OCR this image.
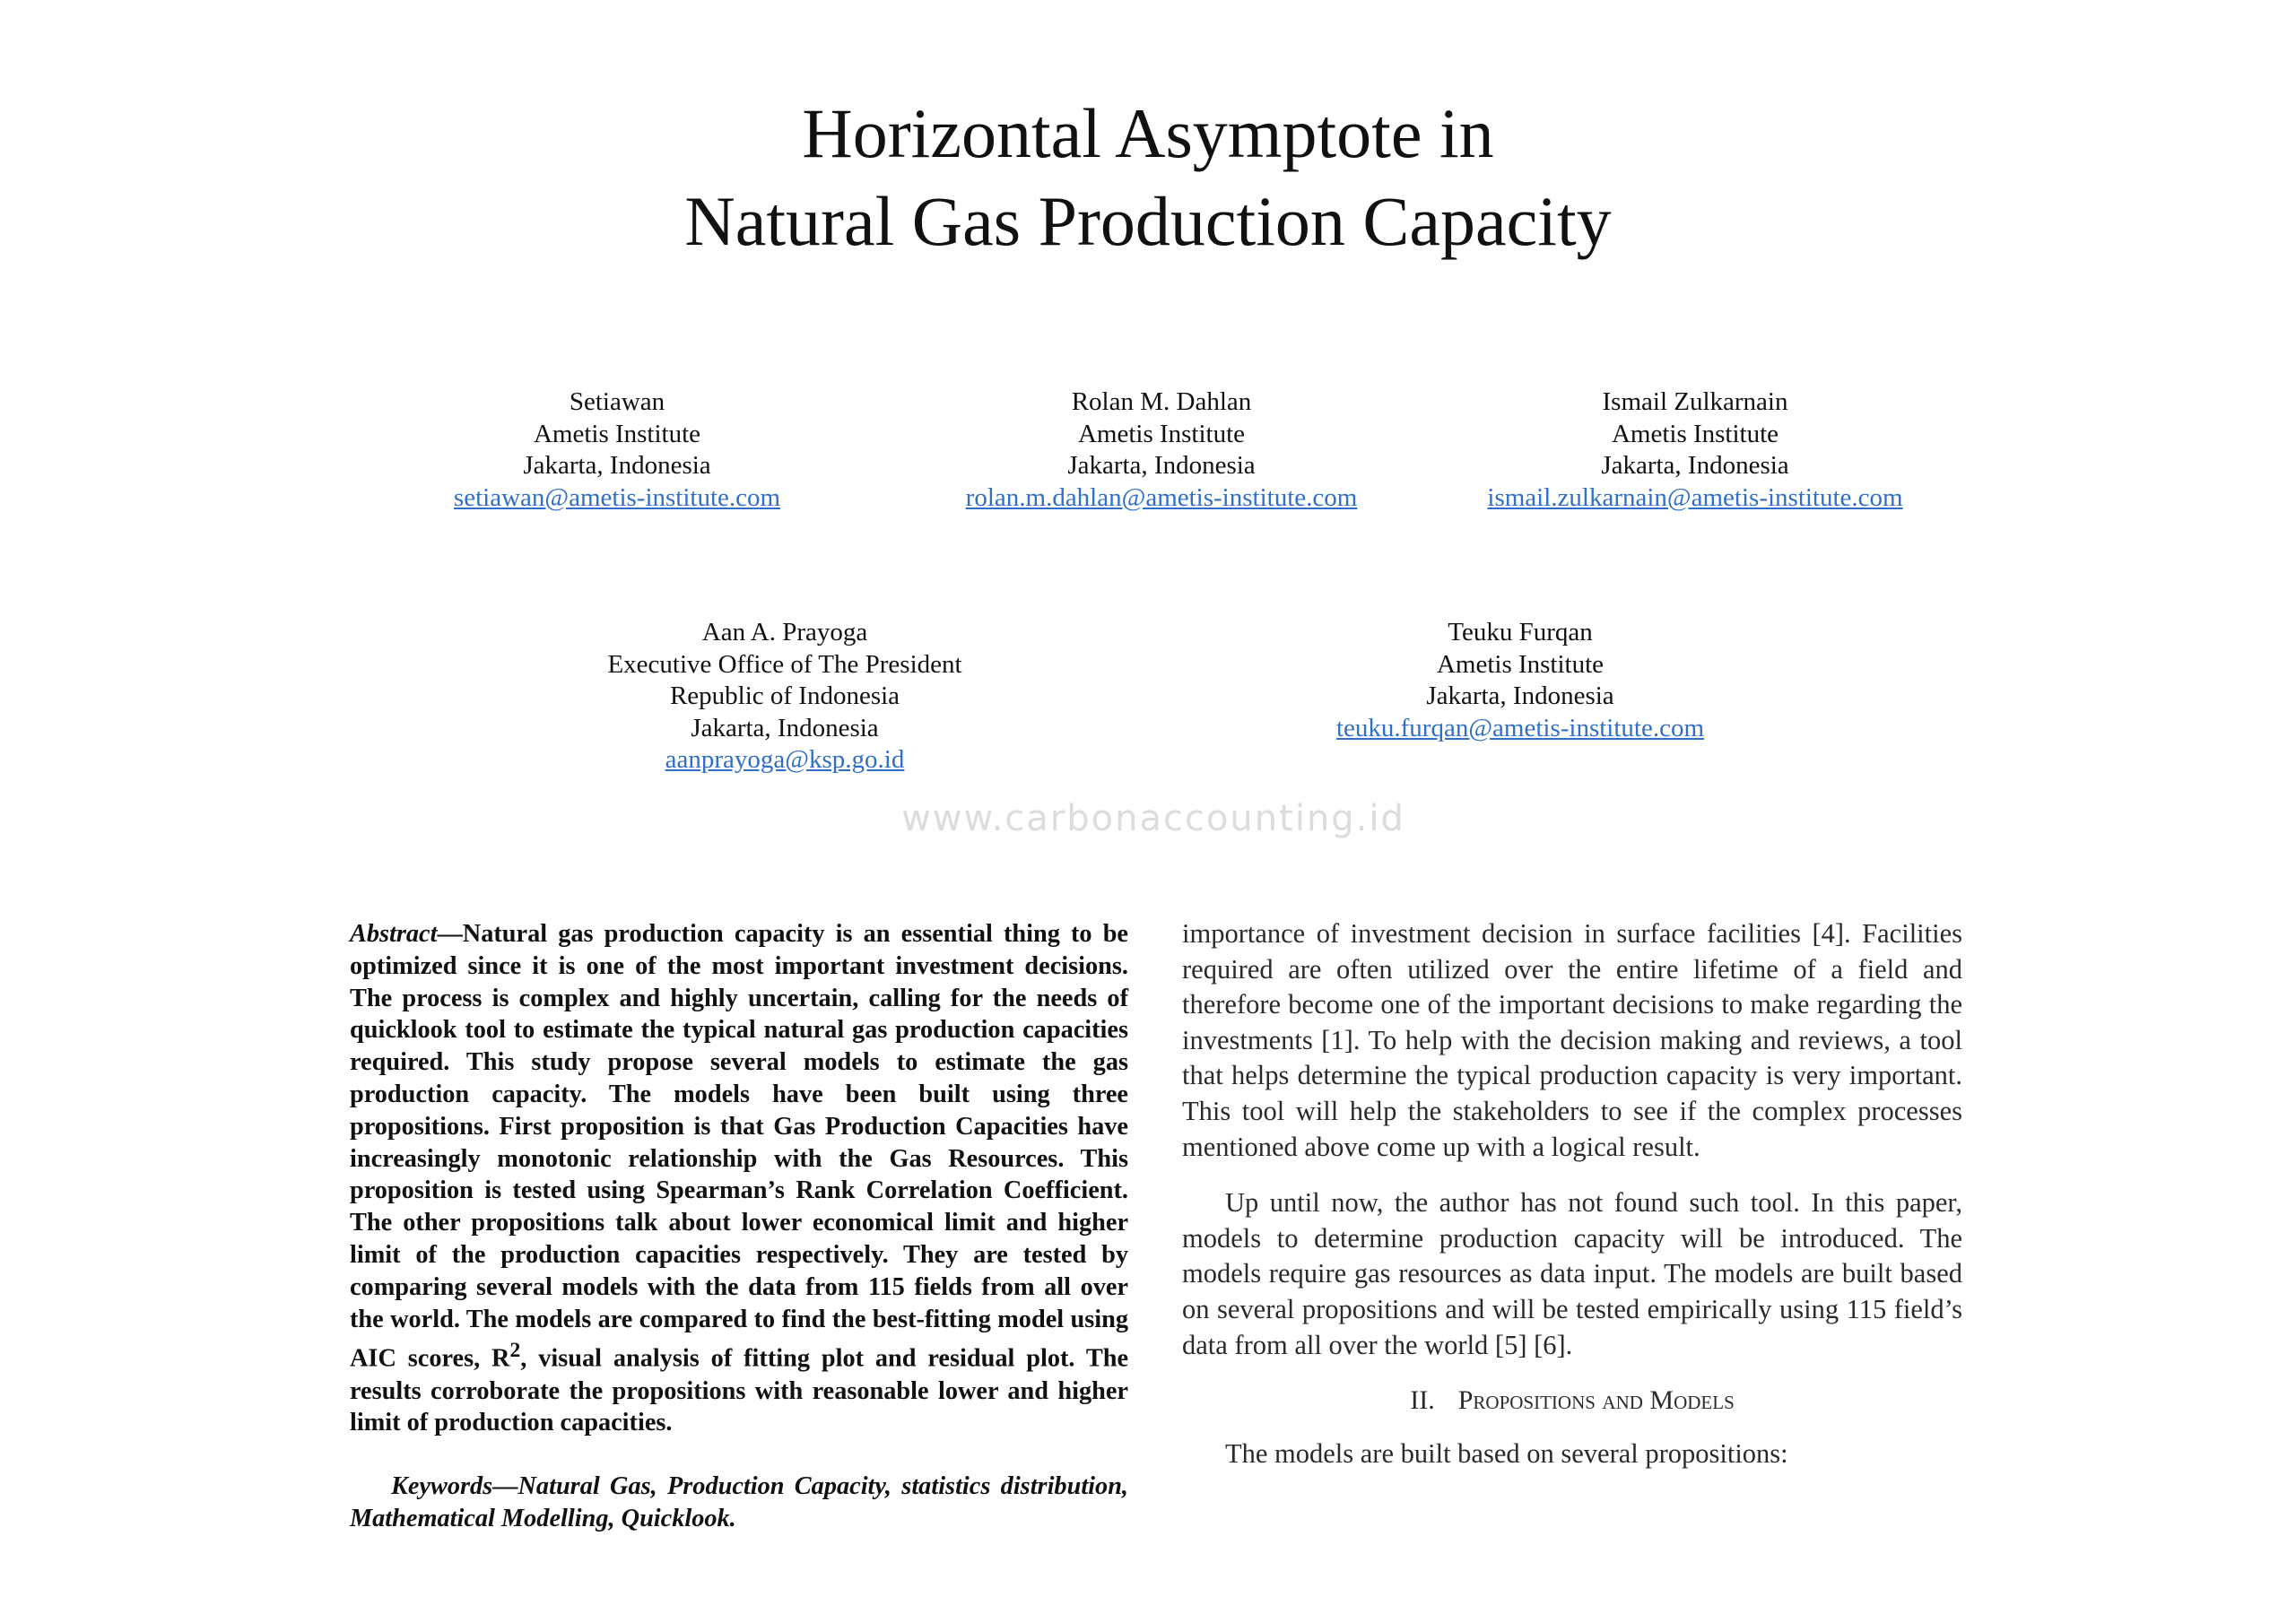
Horizontal Asymptote in
Natural Gas Production Capacity
Setiawan
Ametis Institute
Jakarta, Indonesia
setiawan@ametis-institute.com
Rolan M. Dahlan
Ametis Institute
Jakarta, Indonesia
rolan.m.dahlan@ametis-institute.com
Ismail Zulkarnain
Ametis Institute
Jakarta, Indonesia
ismail.zulkarnain@ametis-institute.com
Aan A. Prayoga
Executive Office of The President
Republic of Indonesia
Jakarta, Indonesia
aanprayoga@ksp.go.id
Teuku Furqan
Ametis Institute
Jakarta, Indonesia
teuku.furqan@ametis-institute.com
www.carbonaccounting.id

Abstract—Natural gas production capacity is an essential thing to be optimized since it is one of the most important investment decisions. The process is complex and highly uncertain, calling for the needs of quicklook tool to estimate the typical natural gas production capacities required. This study propose several models to estimate the gas production capacity. The models have been built using three propositions. First proposition is that Gas Production Capacities have increasingly monotonic relationship with the Gas Resources. This proposition is tested using Spearman’s Rank Correlation Coefficient. The other propositions talk about lower economical limit and higher limit of the production capacities respectively. They are tested by comparing several models with the data from 115 fields from all over the world. The models are compared to find the best-fitting model using AIC scores, $R^2$, visual analysis of fitting plot and residual plot. The results corroborate the propositions with reasonable lower and higher limit of production capacities.

Keywords—Natural Gas, Production Capacity, statistics distribution, Mathematical Modelling, Quicklook.

importance of investment decision in surface facilities [4]. Facilities required are often utilized over the entire lifetime of a field and therefore become one of the important decisions to make regarding the investments [1]. To help with the decision making and reviews, a tool that helps determine the typical production capacity is very important. This tool will help the stakeholders to see if the complex processes mentioned above come up with a logical result.

Up until now, the author has not found such tool. In this paper, models to determine production capacity will be introduced. The models require gas resources as data input. The models are built based on several propositions and will be tested empirically using 115 field’s data from all over the world [5] [6].

II. Propositions and Models

The models are built based on several propositions:
